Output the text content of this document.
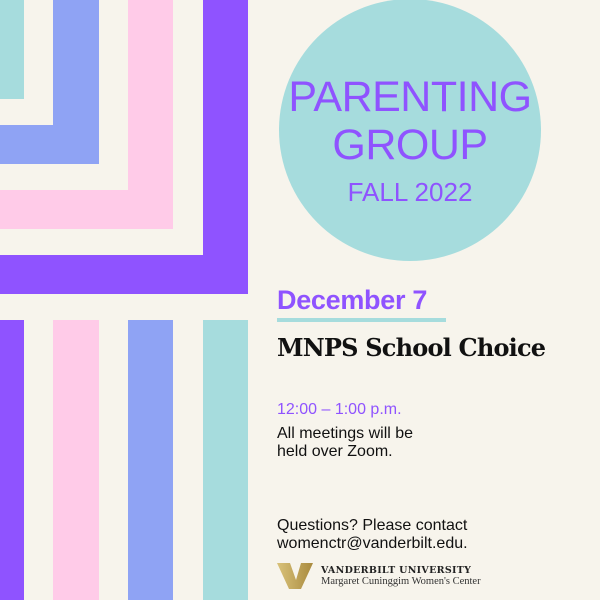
PARENTING
GROUP
FALL 2022
December 7
MNPS School Choice
12:00 – 1:00 p.m.
All meetings will be
held over Zoom.
Questions? Please contact
womenctr@vanderbilt.edu.
VANDERBILT UNIVERSITY
Margaret Cuninggim Women's Center
